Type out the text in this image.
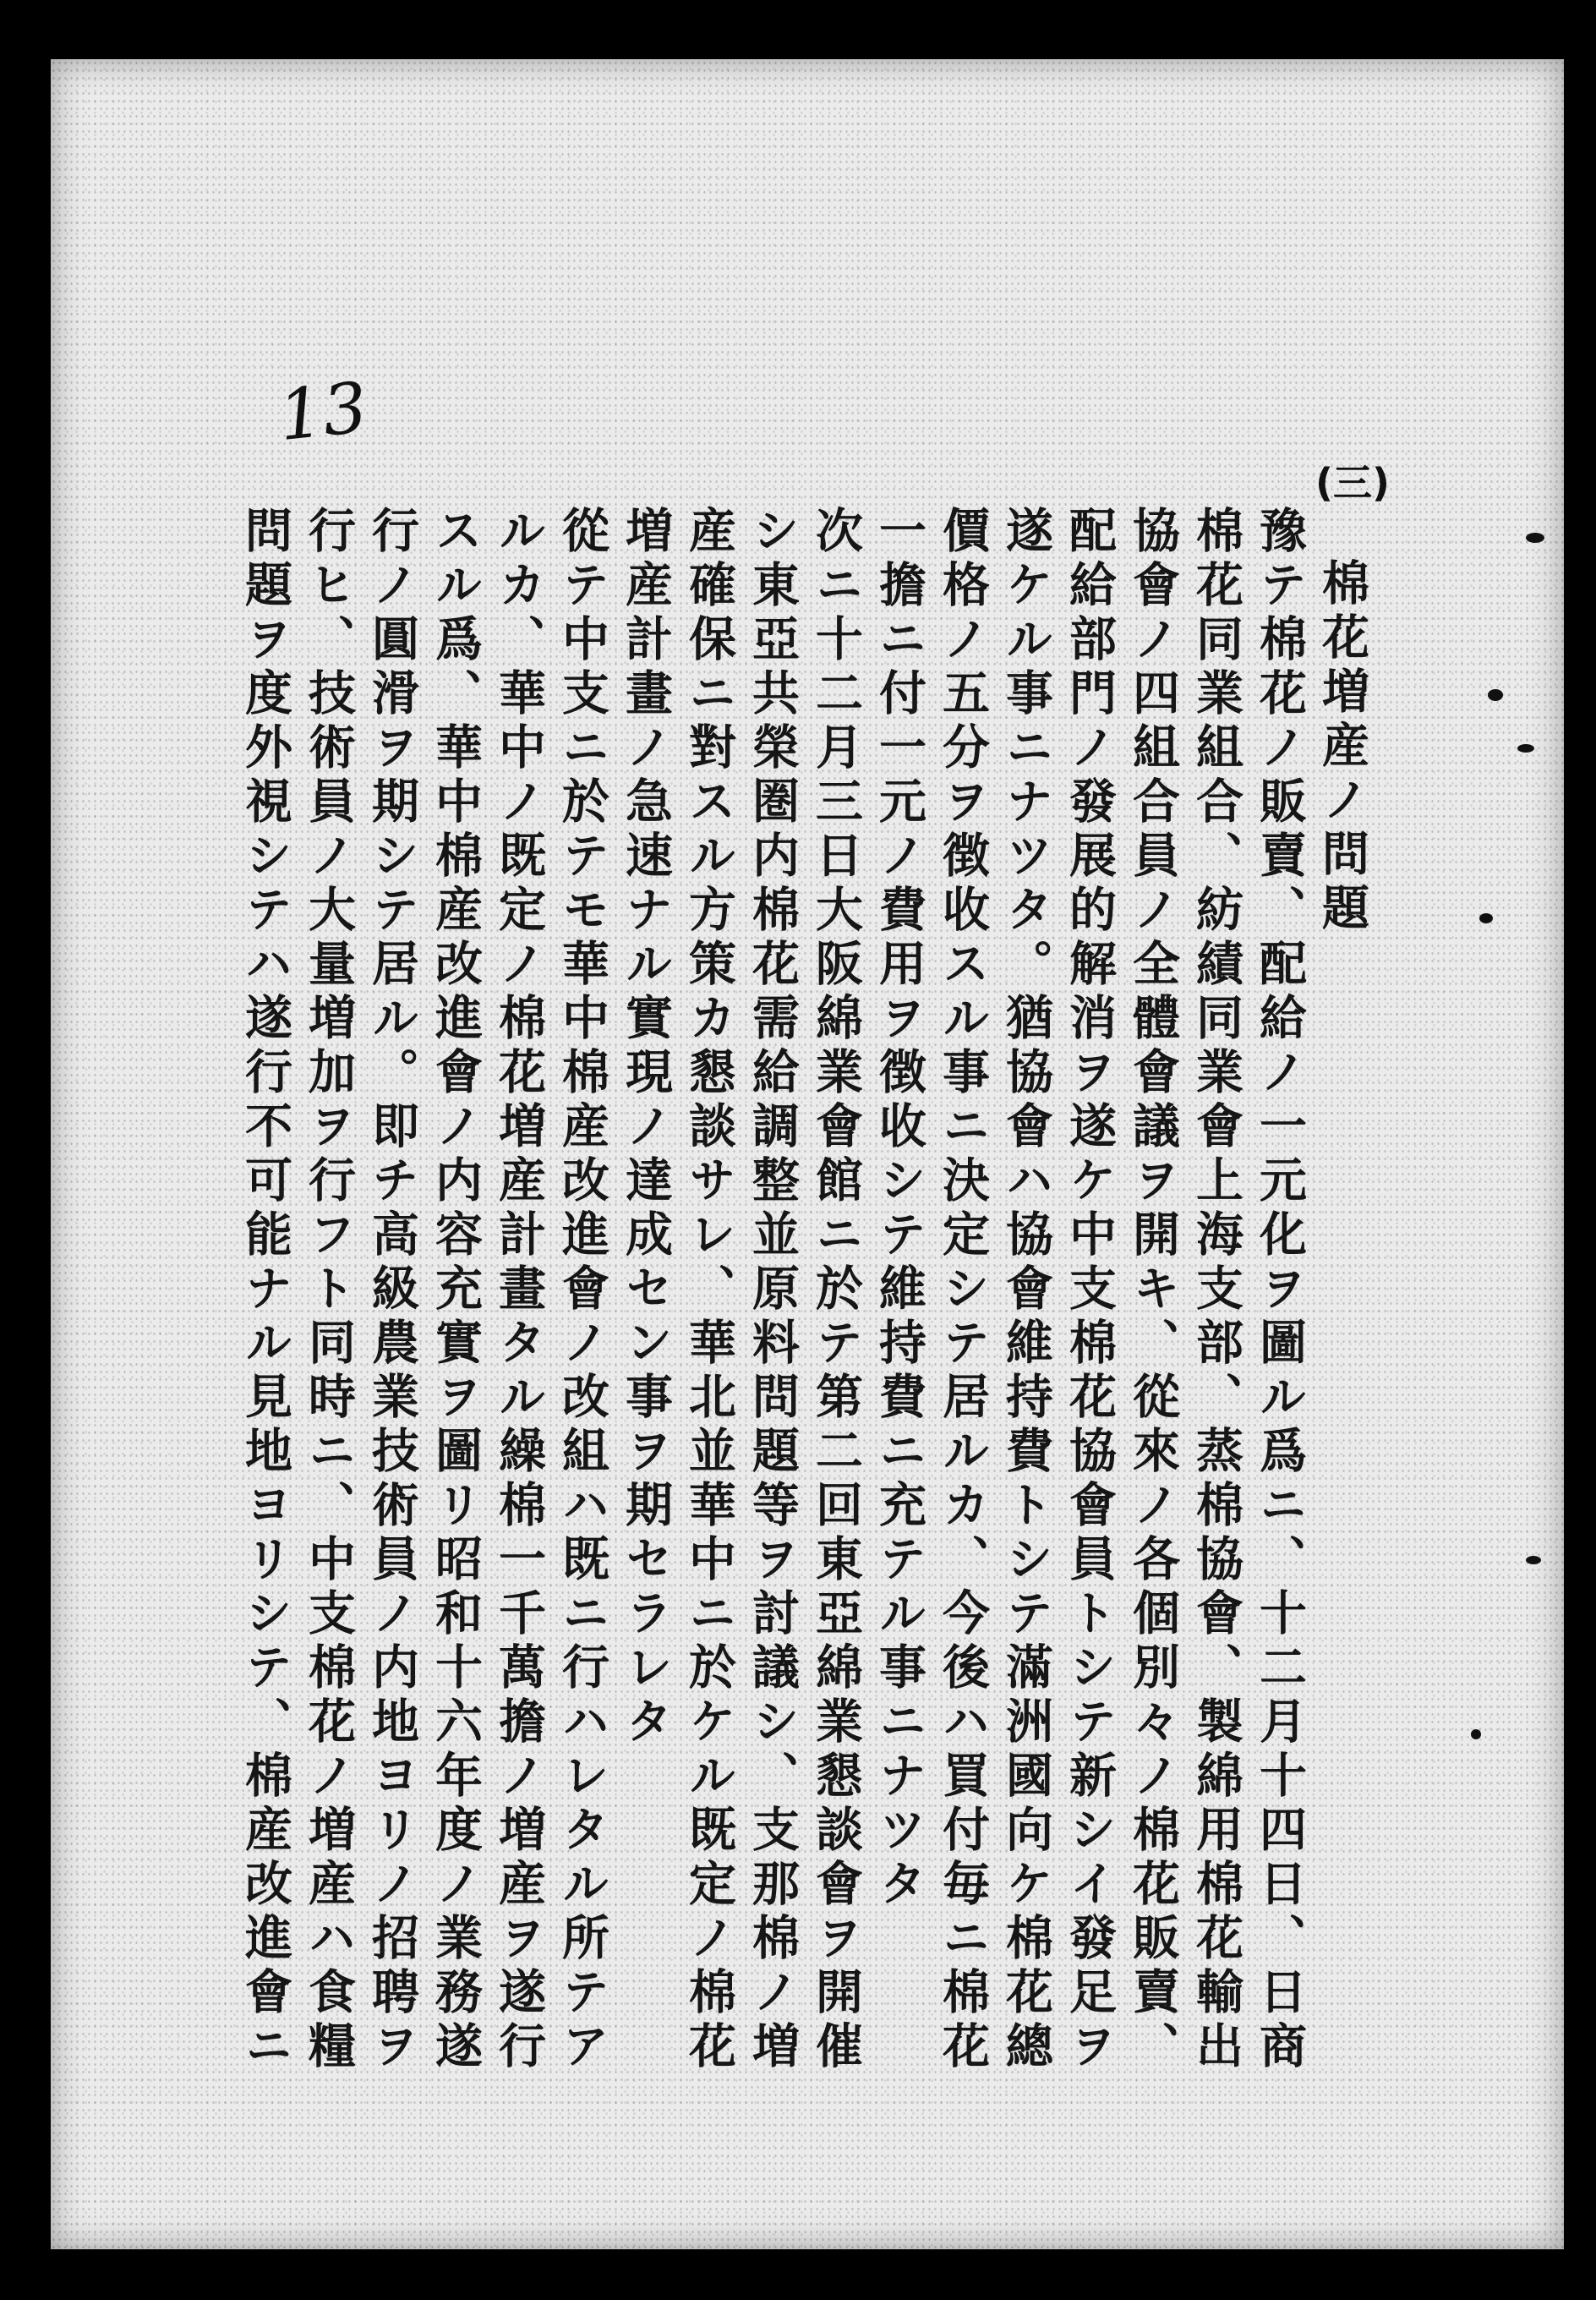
13
(三)
棉花増産ノ問題
豫テ棉花ノ販賣、配給ノ一元化ヲ圖ル爲ニ、十二月十四日、日商
棉花同業組合、紡績同業會上海支部、蒸棉協會、製綿用棉花輸出
協會ノ四組合員ノ全體會議ヲ開キ、從來ノ各個別々ノ棉花販賣、
配給部門ノ發展的解消ヲ遂ケ中支棉花協會員トシテ新シイ發足ヲ
遂ケル事ニナツタ。猶協會ハ協會維持費トシテ滿洲國向ケ棉花總
價格ノ五分ヲ徴收スル事ニ決定シテ居ルカ、今後ハ買付毎ニ棉花
一擔ニ付一元ノ費用ヲ徴收シテ維持費ニ充テル事ニナツタ
次ニ十二月三日大阪綿業會館ニ於テ第二回東亞綿業懇談會ヲ開催
シ東亞共榮圏内棉花需給調整並原料問題等ヲ討議シ、支那棉ノ増
産確保ニ對スル方策カ懇談サレ、華北並華中ニ於ケル既定ノ棉花
増産計畫ノ急速ナル實現ノ達成セン事ヲ期セラレタ
從テ中支ニ於テモ華中棉産改進會ノ改組ハ既ニ行ハレタル所テア
ルカ、華中ノ既定ノ棉花増産計畫タル繰棉一千萬擔ノ増産ヲ遂行
スル爲、華中棉産改進會ノ内容充實ヲ圖リ昭和十六年度ノ業務遂
行ノ圓滑ヲ期シテ居ル。即チ高級農業技術員ノ内地ヨリノ招聘ヲ
行ヒ、技術員ノ大量増加ヲ行フト同時ニ、中支棉花ノ増産ハ食糧
問題ヲ度外視シテハ遂行不可能ナル見地ヨリシテ、棉産改進會ニ
